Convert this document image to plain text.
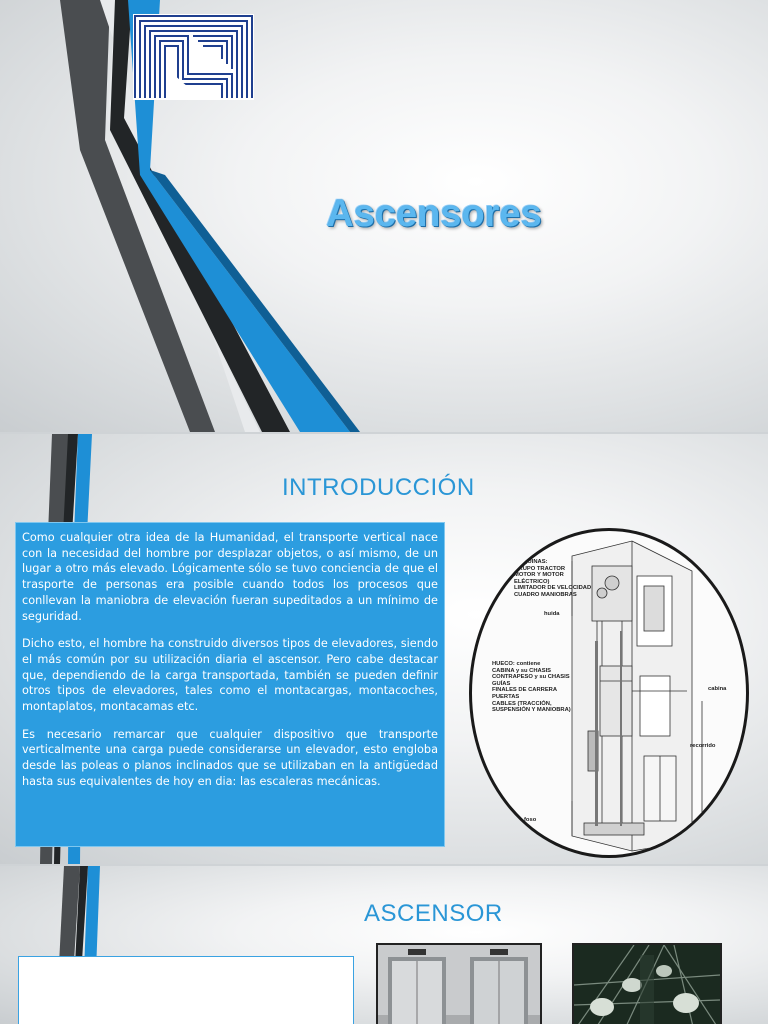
Ascensores
INTRODUCCIÓN

Como cualquier otra idea de la Humanidad, el transporte vertical nace con la necesidad del hombre por desplazar objetos, o así mismo, de un lugar a otro más elevado. Lógicamente sólo se tuvo conciencia de que el trasporte de personas era posible cuando todos los procesos que conllevan la maniobra de elevación fueran supeditados a un mínimo de seguridad.

Dicho esto, el hombre ha construido diversos tipos de elevadores, siendo el más común por su utilización diaria el ascensor. Pero cabe destacar que, dependiendo de la carga transportada, también se pueden definir otros tipos de elevadores, tales como el montacargas, montacoches, montaplatos, montacamas etc.

Es necesario remarcar que cualquier dispositivo que transporte verticalmente una carga puede considerarse un elevador, esto engloba desde las poleas o planos inclinados que se utilizaban en la antigüedad hasta sus equivalentes de hoy en dia: las escaleras mecánicas.

MAQUINAS:
GRUPO TRACTOR
MOTOR Y MOTOR
ELÉCTRICO)
LIMITADOR DE VELOCIDAD
CUADRO MANIOBRAS
huida
HUECO: contiene
CABINA y su CHASIS
CONTRAPESO y su CHASIS
GUÍAS
FINALES DE CARRERA
PUERTAS
CABLES (TRACCIÓN,
SUSPENSIÓN Y MANIOBRA)
cabina
recorrido
foso
ASCENSOR
